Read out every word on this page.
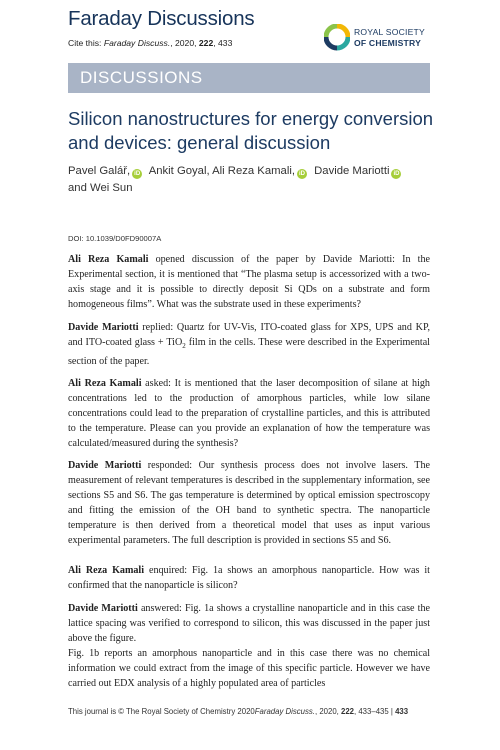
Faraday Discussions
Cite this: Faraday Discuss., 2020, 222, 433
ROYAL SOCIETY
OF CHEMISTRY
DISCUSSIONS
Silicon nanostructures for energy conversion and devices: general discussion
Pavel Galář, iD Ankit Goyal, Ali Reza Kamali, iD Davide Mariotti iD
and Wei Sun
DOI: 10.1039/D0FD90007A

Ali Reza Kamali opened discussion of the paper by Davide Mariotti: In the Experimental section, it is mentioned that “The plasma setup is accessorized with a two-axis stage and it is possible to directly deposit Si QDs on a substrate and form homogeneous films”. What was the substrate used in these experiments?

Davide Mariotti replied: Quartz for UV-Vis, ITO-coated glass for XPS, UPS and KP, and ITO-coated glass + TiO$_2$ film in the cells. These were described in the Experimental section of the paper.

Ali Reza Kamali asked: It is mentioned that the laser decomposition of silane at high concentrations led to the production of amorphous particles, while low silane concentrations could lead to the preparation of crystalline particles, and this is attributed to the temperature. Please can you provide an explanation of how the temperature was calculated/measured during the synthesis?

Davide Mariotti responded: Our synthesis process does not involve lasers. The measurement of relevant temperatures is described in the supplementary information, see sections S5 and S6. The gas temperature is determined by optical emission spectroscopy and fitting the emission of the OH band to synthetic spectra. The nanoparticle temperature is then derived from a theoretical model that uses as input various experimental parameters. The full description is provided in sections S5 and S6.

Ali Reza Kamali enquired: Fig. 1a shows an amorphous nanoparticle. How was it confirmed that the nanoparticle is silicon?

Davide Mariotti answered: Fig. 1a shows a crystalline nanoparticle and in this case the lattice spacing was verified to correspond to silicon, this was discussed in the paper just above the figure.

Fig. 1b reports an amorphous nanoparticle and in this case there was no chemical information we could extract from the image of this specific particle. However we have carried out EDX analysis of a highly populated area of particles

This journal is © The Royal Society of Chemistry 2020Faraday Discuss., 2020, 222, 433–435 | 433
